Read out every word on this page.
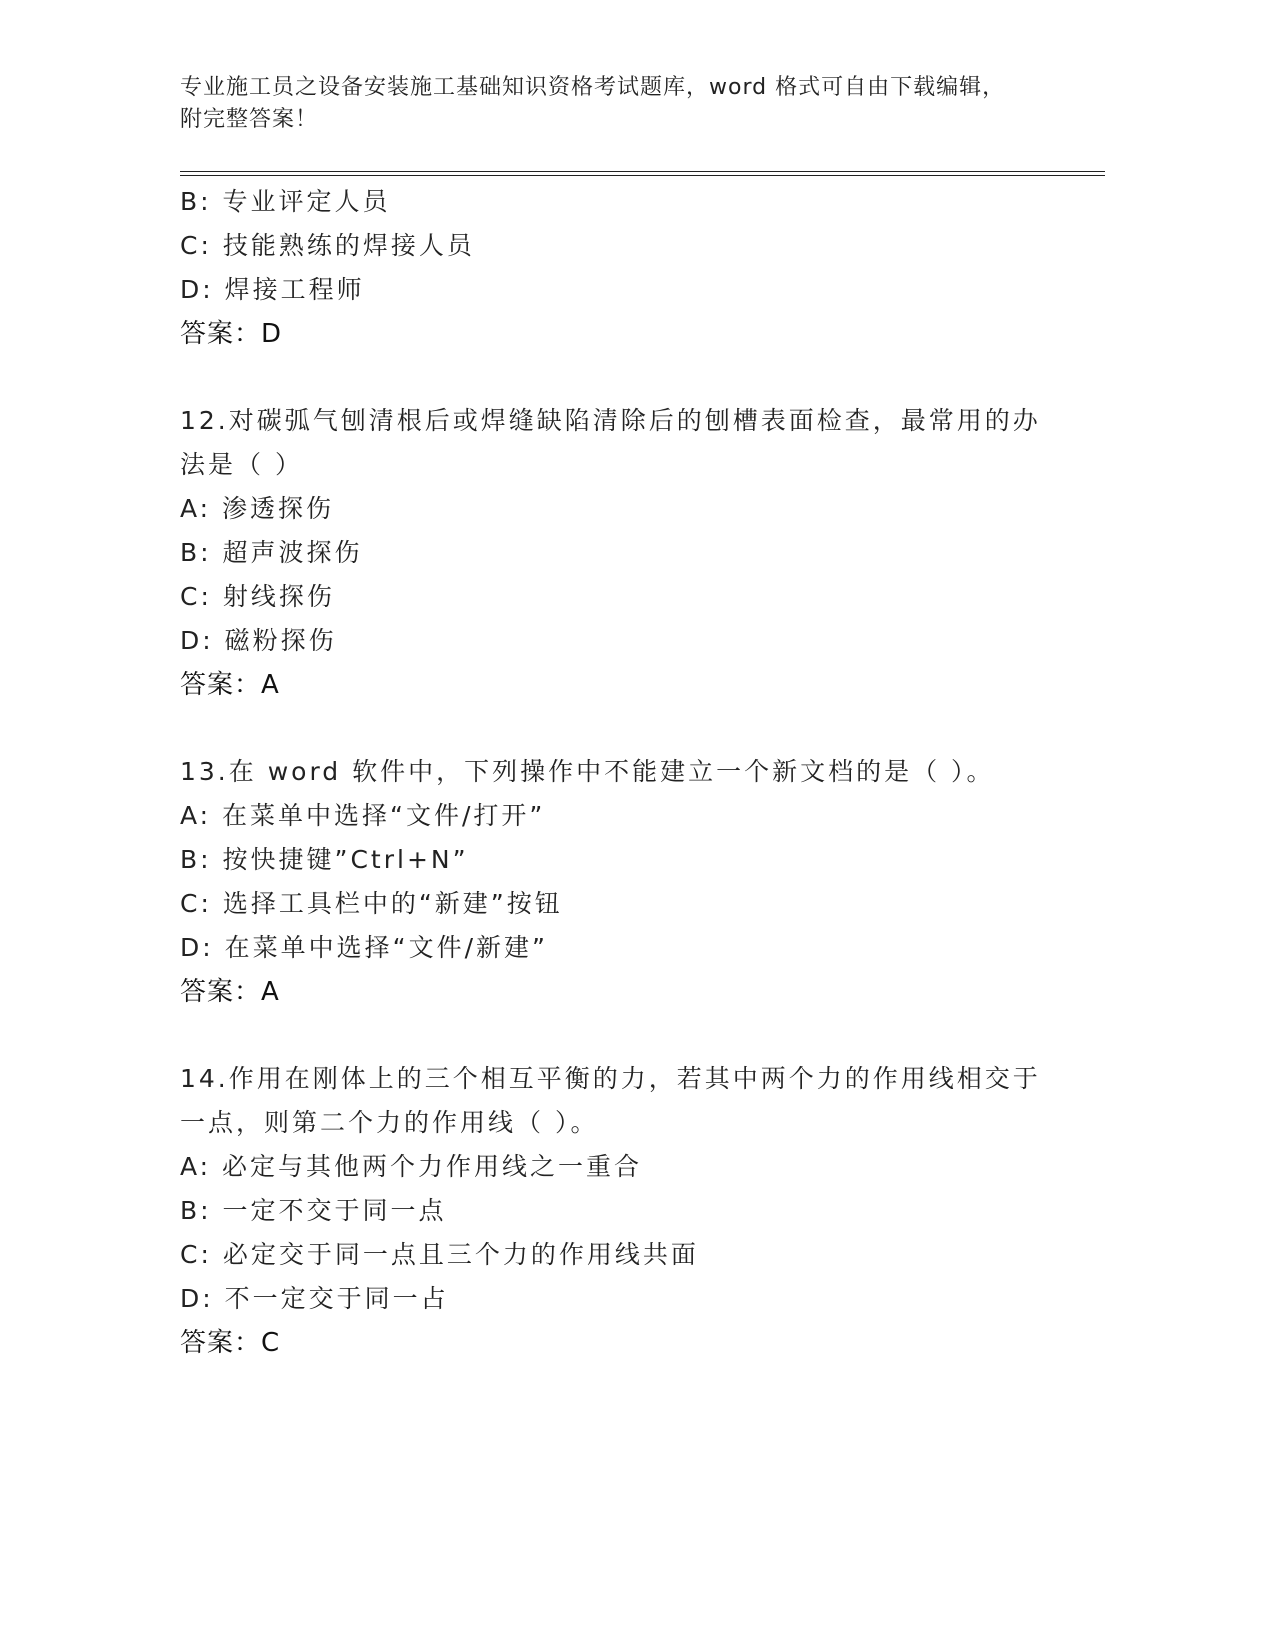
专业施工员之设备安装施工基础知识资格考试题库，word 格式可自由下载编辑，
附完整答案！
B: 专业评定人员
C: 技能熟练的焊接人员
D: 焊接工程师
答案：D
12.对碳弧气刨清根后或焊缝缺陷清除后的刨槽表面检查，最常用的办
法是（ ）
A: 渗透探伤
B: 超声波探伤
C: 射线探伤
D: 磁粉探伤
答案：A
13.在 word 软件中，下列操作中不能建立一个新文档的是（ ）。
A: 在菜单中选择“文件/打开”
B: 按快捷键”Ctrl+N”
C: 选择工具栏中的“新建”按钮
D: 在菜单中选择“文件/新建”
答案：A
14.作用在刚体上的三个相互平衡的力，若其中两个力的作用线相交于
一点，则第二个力的作用线（ ）。
A: 必定与其他两个力作用线之一重合
B: 一定不交于同一点
C: 必定交于同一点且三个力的作用线共面
D: 不一定交于同一占
答案：C
